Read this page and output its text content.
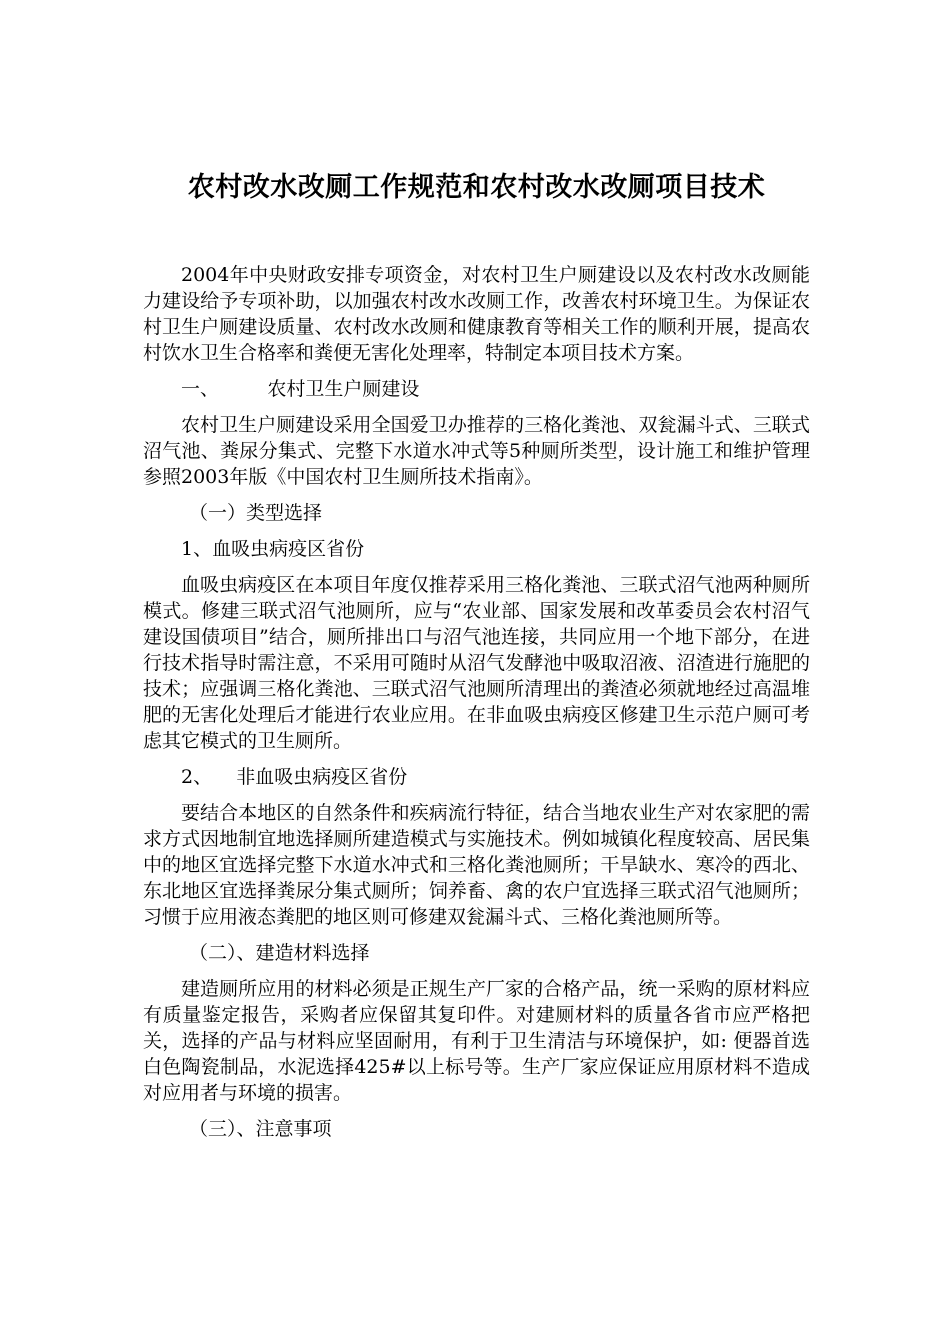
农村改水改厕工作规范和农村改水改厕项目技术

2004年中央财政安排专项资金，对农村卫生户厕建设以及农村改水改厕能力建设给予专项补助，以加强农村改水改厕工作，改善农村环境卫生。为保证农村卫生户厕建设质量、农村改水改厕和健康教育等相关工作的顺利开展，提高农村饮水卫生合格率和粪便无害化处理率，特制定本项目技术方案。

一、        农村卫生户厕建设

农村卫生户厕建设采用全国爱卫办推荐的三格化粪池、双瓮漏斗式、三联式沼气池、粪尿分集式、完整下水道水冲式等5种厕所类型，设计施工和维护管理参照2003年版《中国农村卫生厕所技术指南》。

（一）类型选择

1、血吸虫病疫区省份

血吸虫病疫区在本项目年度仅推荐采用三格化粪池、三联式沼气池两种厕所模式。修建三联式沼气池厕所，应与“农业部、国家发展和改革委员会农村沼气建设国债项目”结合，厕所排出口与沼气池连接，共同应用一个地下部分，在进行技术指导时需注意，不采用可随时从沼气发酵池中吸取沼液、沼渣进行施肥的技术；应强调三格化粪池、三联式沼气池厕所清理出的粪渣必须就地经过高温堆肥的无害化处理后才能进行农业应用。在非血吸虫病疫区修建卫生示范户厕可考虑其它模式的卫生厕所。

2、    非血吸虫病疫区省份

要结合本地区的自然条件和疾病流行特征，结合当地农业生产对农家肥的需求方式因地制宜地选择厕所建造模式与实施技术。例如城镇化程度较高、居民集中的地区宜选择完整下水道水冲式和三格化粪池厕所；干旱缺水、寒冷的西北、东北地区宜选择粪尿分集式厕所；饲养畜、禽的农户宜选择三联式沼气池厕所；习惯于应用液态粪肥的地区则可修建双瓮漏斗式、三格化粪池厕所等。

（二）、建造材料选择

建造厕所应用的材料必须是正规生产厂家的合格产品，统一采购的原材料应有质量鉴定报告，采购者应保留其复印件。对建厕材料的质量各省市应严格把关，选择的产品与材料应坚固耐用，有利于卫生清洁与环境保护，如: 便器首选白色陶瓷制品，水泥选择425#以上标号等。生产厂家应保证应用原材料不造成对应用者与环境的损害。

（三）、注意事项
